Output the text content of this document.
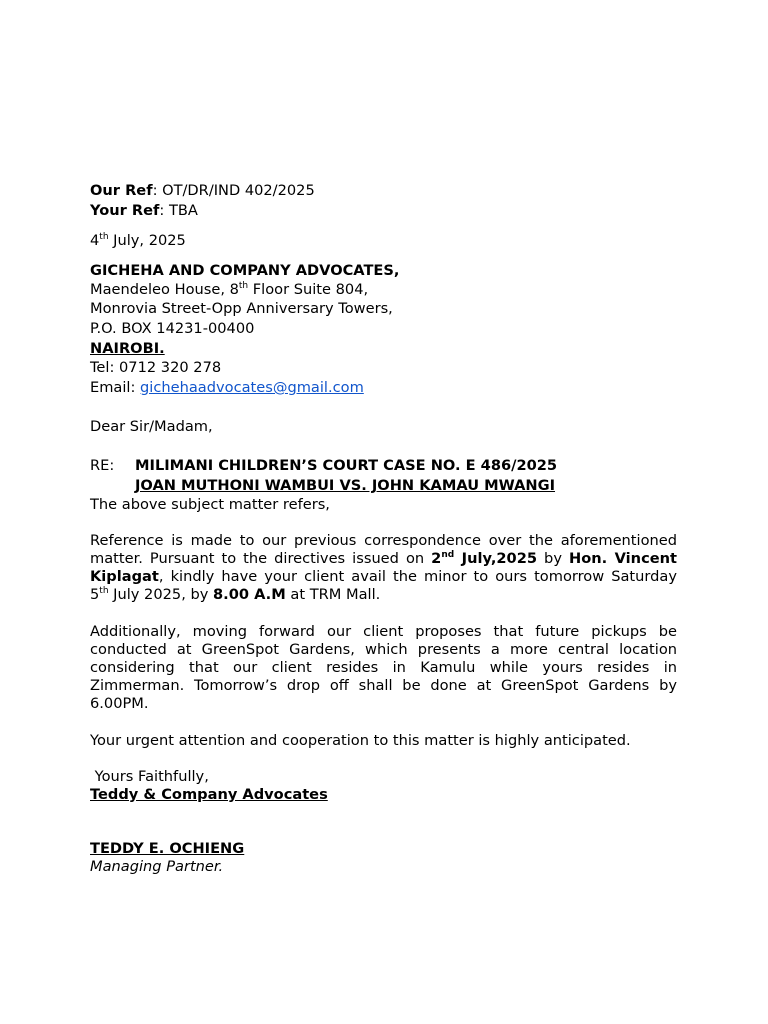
Our Ref: OT/DR/IND 402/2025
Your Ref: TBA
4th July, 2025
GICHEHA AND COMPANY ADVOCATES,
Maendeleo House, 8th Floor Suite 804,
Monrovia Street-Opp Anniversary Towers,
P.O. BOX 14231-00400
NAIROBI.
Tel: 0712 320 278
Email: gichehaadvocates@gmail.com
Dear Sir/Madam,
RE: MILIMANI CHILDREN’S COURT CASE NO. E 486/2025
JOAN MUTHONI WAMBUI VS. JOHN KAMAU MWANGI
The above subject matter refers,
Reference is made to our previous correspondence over the aforementioned
matter. Pursuant to the directives issued on 2nd July,2025 by Hon. Vincent
Kiplagat, kindly have your client avail the minor to ours tomorrow Saturday
5th July 2025, by 8.00 A.M at TRM Mall.
Additionally, moving forward our client proposes that future pickups be
conducted at GreenSpot Gardens, which presents a more central location
considering that our client resides in Kamulu while yours resides in
Zimmerman. Tomorrow’s drop off shall be done at GreenSpot Gardens by
6.00PM.
Your urgent attention and cooperation to this matter is highly anticipated.
Yours Faithfully,
Teddy & Company Advocates
TEDDY E. OCHIENG
Managing Partner.
